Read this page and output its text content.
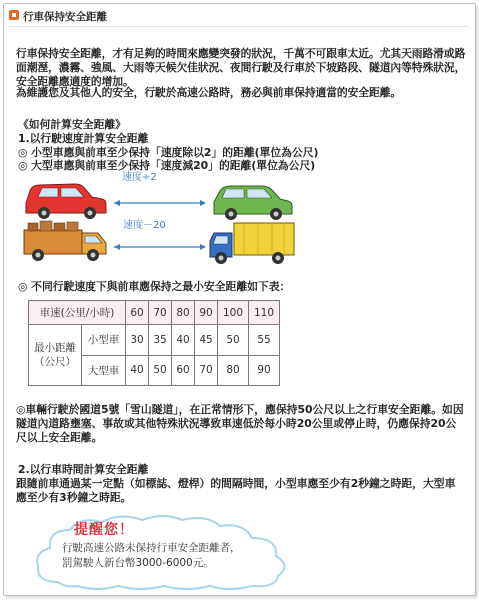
行車保持安全距離
行車保持安全距離，才有足夠的時間來應變突發的狀況，千萬不可跟車太近。尤其天雨路滑或路面潮溼，濃霧、強風、大雨等天候欠佳狀況、夜間行駛及行車於下坡路段、隧道內等特殊狀況，安全距離應適度的增加。
為維護您及其他人的安全，行駛於高速公路時，務必與前車保持適當的安全距離。
《如何計算安全距離》
1.以行駛速度計算安全距離
◎ 小型車應與前車至少保持「速度除以2」的距離(單位為公尺)
◎ 大型車應與前車至少保持「速度減20」的距離(單位為公尺)
速度÷2
速度－20
◎ 不同行駛速度下與前車應保持之最小安全距離如下表：
車速(公里/小時)		60	70	80	90	100	110
最小距離
（公尺）	小型車	30	35	40	45	50	55
	大型車	40	50	60	70	80	90
◎車輛行駛於國道5號「雪山隧道」，在正常情形下，應保持50公尺以上之行車安全距離。如因隧道內道路壅塞、事故或其他特殊狀況導致車速低於每小時20公里或停止時，仍應保持20公尺以上安全距離。
2.以行車時間計算安全距離
跟隨前車通過某一定點（如標誌、燈桿）的間隔時間，小型車應至少有2秒鐘之時距，大型車應至少有3秒鐘之時距。
提醒您！
行駛高速公路未保持行車安全距離者，
罰駕駛人新台幣3000-6000元。
